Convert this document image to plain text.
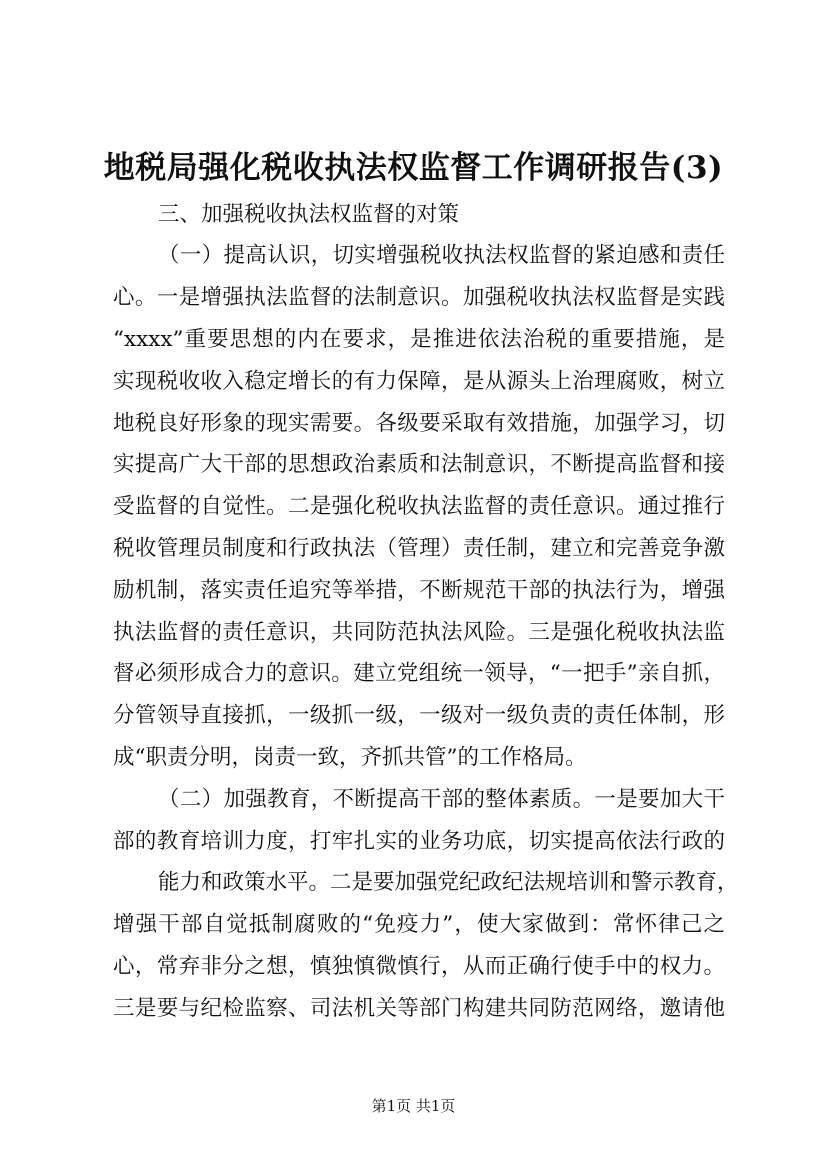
地税局强化税收执法权监督工作调研报告(3)
三、加强税收执法权监督的对策
（一）提高认识，切实增强税收执法权监督的紧迫感和责任
心。一是增强执法监督的法制意识。加强税收执法权监督是实践
“xxxx”重要思想的内在要求，是推进依法治税的重要措施，是
实现税收收入稳定增长的有力保障，是从源头上治理腐败，树立
地税良好形象的现实需要。各级要采取有效措施，加强学习，切
实提高广大干部的思想政治素质和法制意识，不断提高监督和接
受监督的自觉性。二是强化税收执法监督的责任意识。通过推行
税收管理员制度和行政执法（管理）责任制，建立和完善竞争激
励机制，落实责任追究等举措，不断规范干部的执法行为，增强
执法监督的责任意识，共同防范执法风险。三是强化税收执法监
督必须形成合力的意识。建立党组统一领导，“一把手”亲自抓，
分管领导直接抓，一级抓一级，一级对一级负责的责任体制，形
成“职责分明，岗责一致，齐抓共管”的工作格局。
（二）加强教育，不断提高干部的整体素质。一是要加大干
部的教育培训力度，打牢扎实的业务功底，切实提高依法行政的
能力和政策水平。二是要加强党纪政纪法规培训和警示教育，
增强干部自觉抵制腐败的“免疫力”，使大家做到：常怀律己之
心，常弃非分之想，慎独慎微慎行，从而正确行使手中的权力。
三是要与纪检监察、司法机关等部门构建共同防范网络，邀请他
第1页 共1页
